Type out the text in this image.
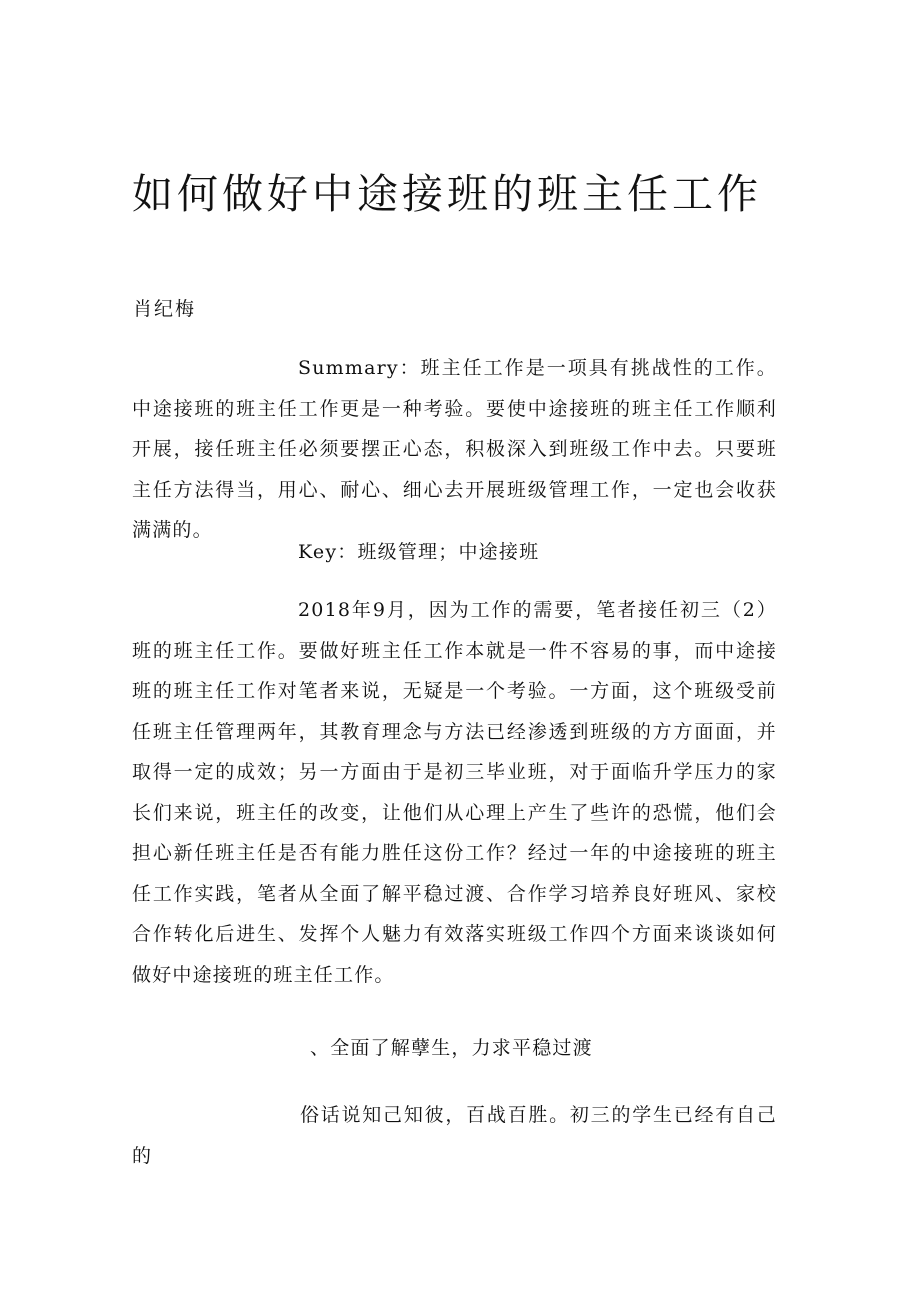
如何做好中途接班的班主任工作

肖纪梅

Summary：班主任工作是一项具有挑战性的工作。中途接班的班主任工作更是一种考验。要使中途接班的班主任工作顺利开展，接任班主任必须要摆正心态，积极深入到班级工作中去。只要班主任方法得当，用心、耐心、细心去开展班级管理工作，一定也会收获满满的。

Key：班级管理；中途接班

2018年9月，因为工作的需要，笔者接任初三（2）班的班主任工作。要做好班主任工作本就是一件不容易的事，而中途接班的班主任工作对笔者来说，无疑是一个考验。一方面，这个班级受前任班主任管理两年，其教育理念与方法已经渗透到班级的方方面面，并取得一定的成效；另一方面由于是初三毕业班，对于面临升学压力的家长们来说，班主任的改变，让他们从心理上产生了些许的恐慌，他们会担心新任班主任是否有能力胜任这份工作？经过一年的中途接班的班主任工作实践，笔者从全面了解平稳过渡、合作学习培养良好班风、家校合作转化后进生、发挥个人魅力有效落实班级工作四个方面来谈谈如何做好中途接班的班主任工作。

、全面了解孽生，力求平稳过渡

俗话说知己知彼，百战百胜。初三的学生已经有自己的
